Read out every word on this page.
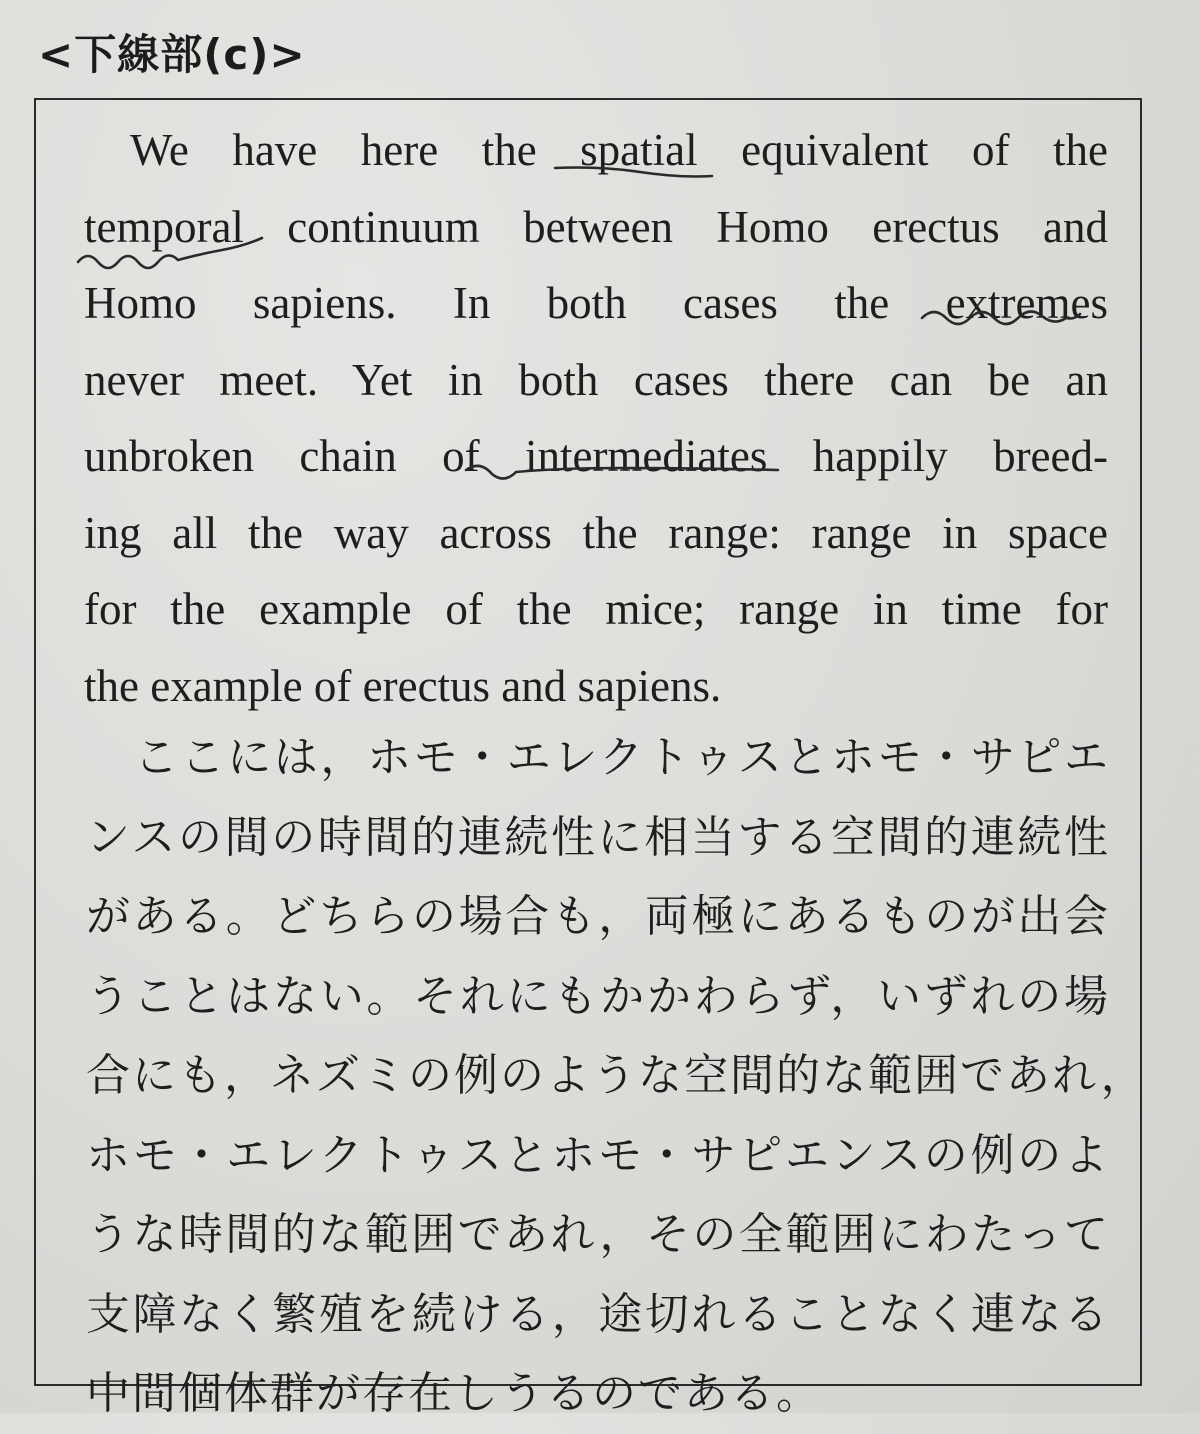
<下線部(c)>
We have here the spatial equivalent of the
temporal continuum between Homo erectus and
Homo sapiens. In both cases the extremes
never meet. Yet in both cases there can be an
unbroken chain of intermediates happily breed-
ing all the way across the range: range in space
for the example of the mice; range in time for
the example of erectus and sapiens.
ここには，ホモ・エレクトゥスとホモ・サピエ
ンスの間の時間的連続性に相当する空間的連続性
がある。どちらの場合も，両極にあるものが出会
うことはない。それにもかかわらず，いずれの場
合にも，ネズミの例のような空間的な範囲であれ，
ホモ・エレクトゥスとホモ・サピエンスの例のよ
うな時間的な範囲であれ，その全範囲にわたって
支障なく繁殖を続ける，途切れることなく連なる
中間個体群が存在しうるのである。
